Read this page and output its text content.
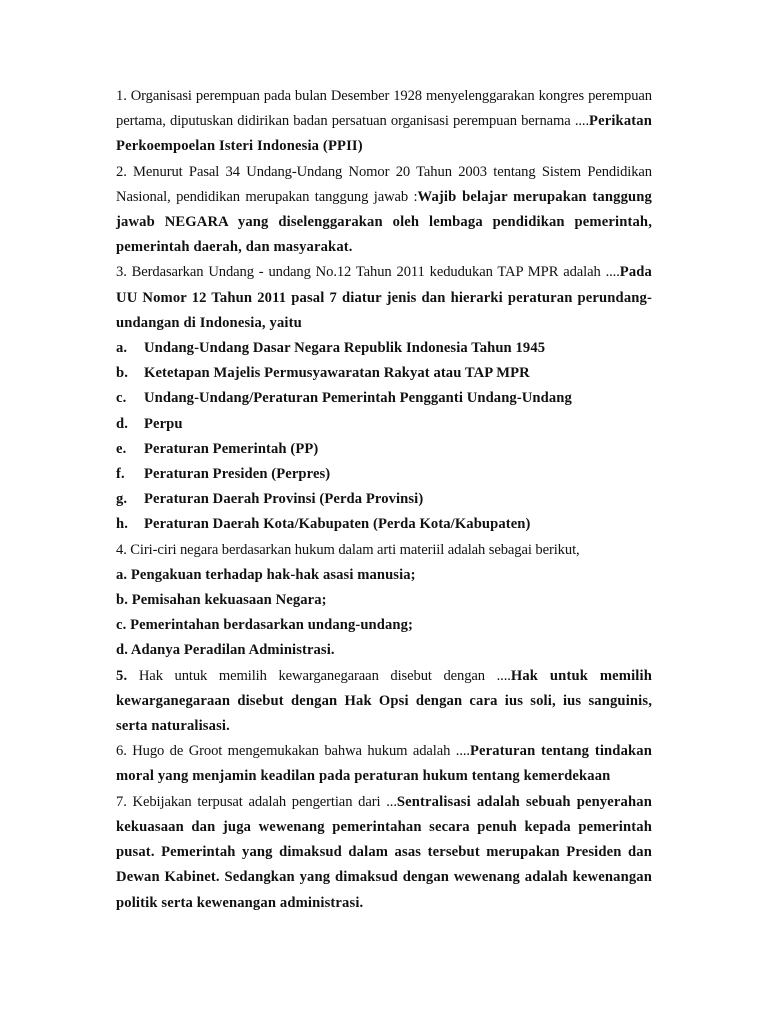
1. Organisasi perempuan pada bulan Desember 1928 menyelenggarakan kongres perempuan pertama, diputuskan didirikan badan persatuan organisasi perempuan bernama ....Perikatan Perkoempoelan Isteri Indonesia (PPII)

2. Menurut Pasal 34 Undang-Undang Nomor 20 Tahun 2003 tentang Sistem Pendidikan Nasional, pendidikan merupakan tanggung jawab :Wajib belajar merupakan tanggung jawab NEGARA yang diselenggarakan oleh lembaga pendidikan pemerintah, pemerintah daerah, dan masyarakat.

3. Berdasarkan Undang - undang No.12 Tahun 2011 kedudukan TAP MPR adalah ....Pada UU Nomor 12 Tahun 2011 pasal 7 diatur jenis dan hierarki peraturan perundang-undangan di Indonesia, yaitu

a. Undang-Undang Dasar Negara Republik Indonesia Tahun 1945

b. Ketetapan Majelis Permusyawaratan Rakyat atau TAP MPR

c. Undang-Undang/Peraturan Pemerintah Pengganti Undang-Undang

d. Perpu

e. Peraturan Pemerintah (PP)

f. Peraturan Presiden (Perpres)

g. Peraturan Daerah Provinsi (Perda Provinsi)

h. Peraturan Daerah Kota/Kabupaten (Perda Kota/Kabupaten)

4. Ciri-ciri negara berdasarkan hukum dalam arti materiil adalah sebagai berikut,

a. Pengakuan terhadap hak-hak asasi manusia;

b. Pemisahan kekuasaan Negara;

c. Pemerintahan berdasarkan undang-undang;

d. Adanya Peradilan Administrasi.

5. Hak untuk memilih kewarganegaraan disebut dengan ....Hak untuk memilih kewarganegaraan disebut dengan Hak Opsi dengan cara ius soli, ius sanguinis, serta naturalisasi.

6. Hugo de Groot mengemukakan bahwa hukum adalah ....Peraturan tentang tindakan moral yang menjamin keadilan pada peraturan hukum tentang kemerdekaan

7. Kebijakan terpusat adalah pengertian dari ...Sentralisasi adalah sebuah penyerahan kekuasaan dan juga wewenang pemerintahan secara penuh kepada pemerintah pusat. Pemerintah yang dimaksud dalam asas tersebut merupakan Presiden dan Dewan Kabinet. Sedangkan yang dimaksud dengan wewenang adalah kewenangan politik serta kewenangan administrasi.
